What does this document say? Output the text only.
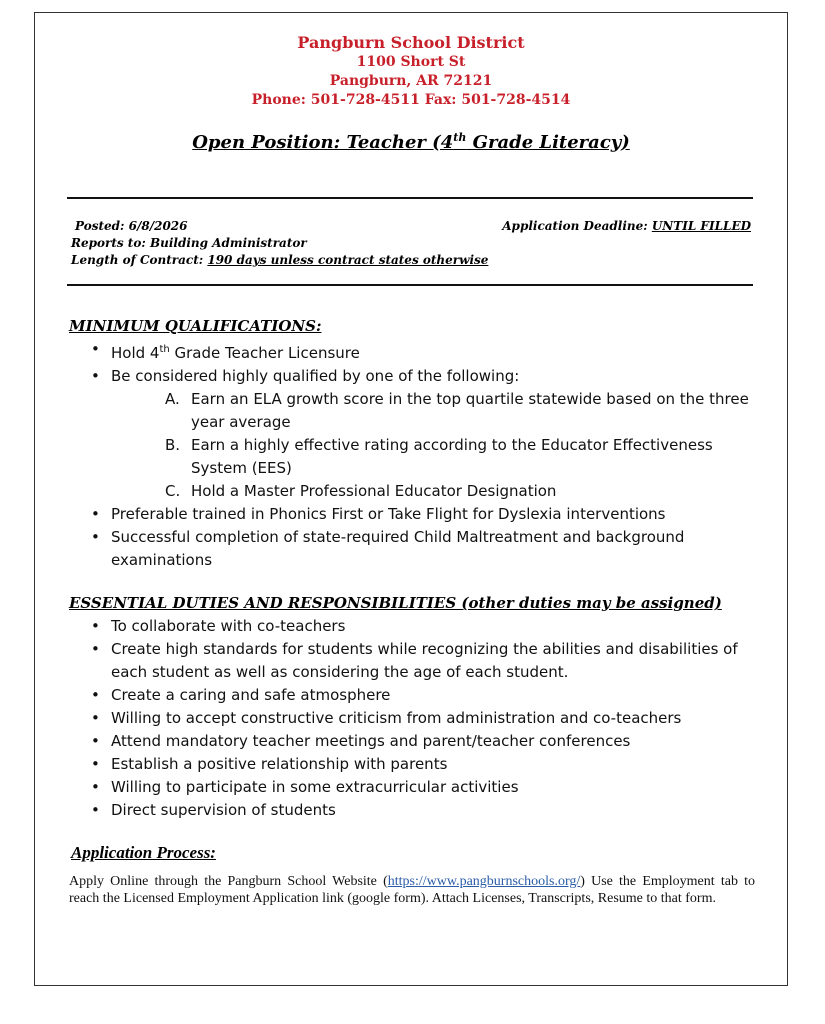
Pangburn School District
1100 Short St
Pangburn, AR 72121
Phone: 501-728-4511 Fax: 501-728-4514
Open Position: Teacher (4th Grade Literacy)
Posted: 6/8/2026	Application Deadline: UNTIL FILLED
Reports to: Building Administrator
Length of Contract: 190 days unless contract states otherwise
MINIMUM QUALIFICATIONS:
• Hold 4th Grade Teacher Licensure
• Be considered highly qualified by one of the following:
A. Earn an ELA growth score in the top quartile statewide based on the three year average
B. Earn a highly effective rating according to the Educator Effectiveness System (EES)
C. Hold a Master Professional Educator Designation
• Preferable trained in Phonics First or Take Flight for Dyslexia interventions
• Successful completion of state-required Child Maltreatment and background examinations
ESSENTIAL DUTIES AND RESPONSIBILITIES (other duties may be assigned)
• To collaborate with co-teachers
• Create high standards for students while recognizing the abilities and disabilities of each student as well as considering the age of each student.
• Create a caring and safe atmosphere
• Willing to accept constructive criticism from administration and co-teachers
• Attend mandatory teacher meetings and parent/teacher conferences
• Establish a positive relationship with parents
• Willing to participate in some extracurricular activities
• Direct supervision of students
Application Process:
Apply Online through the Pangburn School Website (https://www.pangburnschools.org/) Use the Employment tab to reach the Licensed Employment Application link (google form). Attach Licenses, Transcripts, Resume to that form.
